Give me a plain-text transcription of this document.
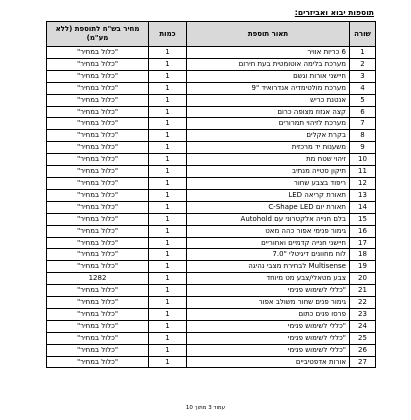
תוספות יבוא ואביזרים:
שורה	תאור תוספת	כמות	מחיר בש"ח לתוספת (ללא מע"מ)
1	6 כריות אוויר	1	"כלול במחיר"
2	מערכת בלימה אוטומטית בעת חירום	1	"כלול במחיר"
3	חיישני אורות וגשם	1	"כלול במחיר"
4	מערכת מולטימדיה אנדרואיד "9	1	"כלול במחיר"
5	אנטנת כריש	1	"כלול במחיר"
6	קצה אגזוז מצופה כרום	1	"כלול במחיר"
7	מערכת לזיהוי תמרורים	1	"כלול במחיר"
8	בקרת אקלים	1	"כלול במחיר"
9	משענות יד מרכזית	1	"כלול במחיר"
10	זיהוי שטח מת	1	"כלול במחיר"
11	תיקון סטייה מנתיב	1	"כלול במחיר"
12	ריפוד בצבע שחור	1	"כלול במחיר"
13	תאורת קריאה LED	1	"כלול במחיר"
14	תאורת יום C-Shape LED	1	"כלול במחיר"
15	בלם חנייה אלקטרוני עם Autohold	1	"כלול במחיר"
16	גימור פנימי אפור כהה מאט	1	"כלול במחיר"
17	חיישני חנייה קדמיים ואחוריים	1	"כלול במחיר"
18	לוח מחוונים דיגיטלי "7.0	1	"כלול במחיר"
19	Multisense לבחירת מצבי נהיגה	1	"כלול במחיר"
20	צבע מטאלי/צבע מט מיוחד	1	1282
21	"כללי לשימוש פנימי	1	"כלול במחיר"
22	גימור פנים שחור משולב אפור	1	"כלול במחיר"
23	פרסו פנים כתום	1	"כלול במחיר"
24	"כללי לשימוש פנימי	1	"כלול במחיר"
25	"כללי לשימוש פנימי	1	"כלול במחיר"
26	"כללי לשימוש פנימי	1	"כלול במחיר"
27	אורות אדפטיביים	1	"כלול במחיר"
עמוד 3 מתוך 10
